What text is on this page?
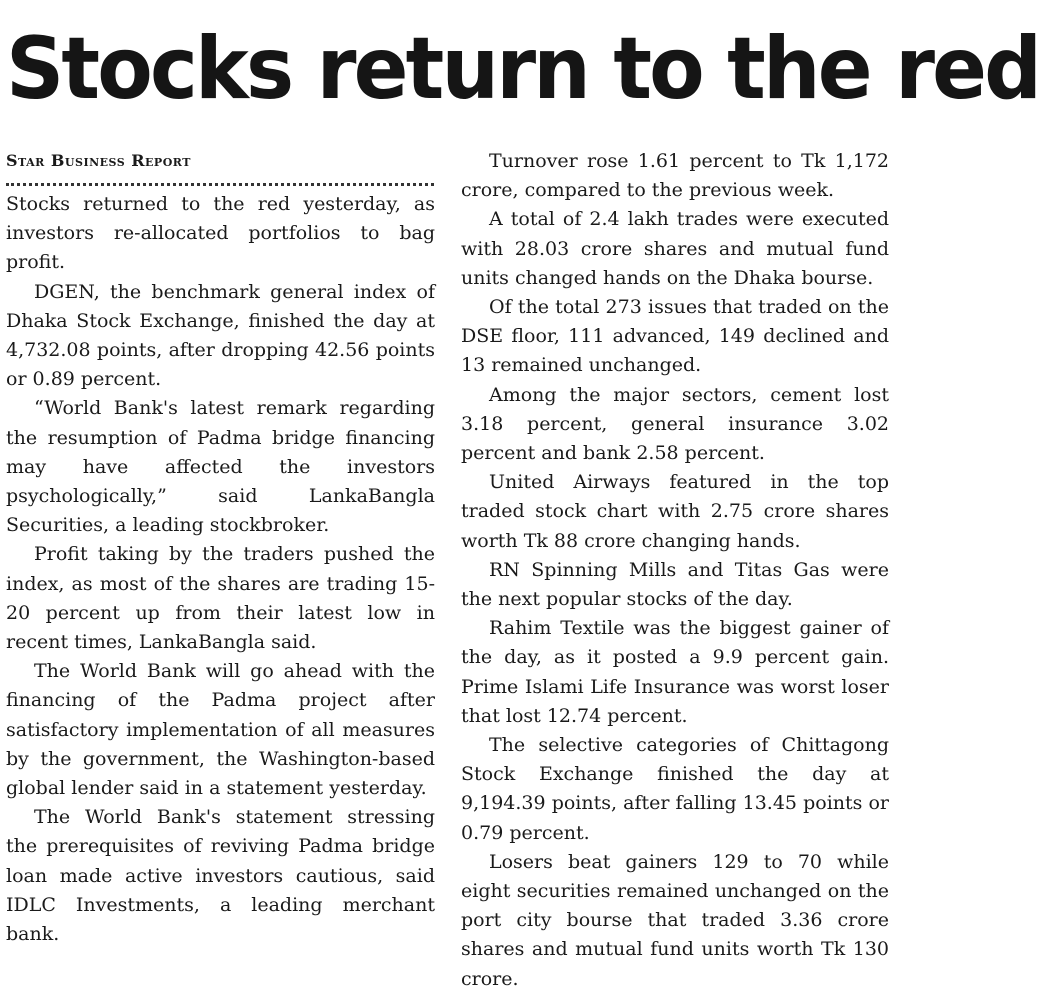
Stocks return to the red
Star Business Report

Stocks returned to the red yesterday, as investors re-allocated portfolios to bag profit.

DGEN, the benchmark general index of Dhaka Stock Exchange, finished the day at 4,732.08 points, after dropping 42.56 points or 0.89 percent.

“World Bank's latest remark regarding the resumption of Padma bridge financing may have affected the investors psychologically,” said LankaBangla Securities, a leading stockbroker.

Profit taking by the traders pushed the index, as most of the shares are trading 15-20 percent up from their latest low in recent times, LankaBangla said.

The World Bank will go ahead with the financing of the Padma project after satisfactory implementation of all measures by the government, the Washington-based global lender said in a statement yesterday.

The World Bank's statement stressing the prerequisites of reviving Padma bridge loan made active investors cautious, said IDLC Investments, a leading merchant bank.

Turnover rose 1.61 percent to Tk 1,172 crore, compared to the previous week.

A total of 2.4 lakh trades were executed with 28.03 crore shares and mutual fund units changed hands on the Dhaka bourse.

Of the total 273 issues that traded on the DSE floor, 111 advanced, 149 declined and 13 remained unchanged.

Among the major sectors, cement lost 3.18 percent, general insurance 3.02 percent and bank 2.58 percent.

United Airways featured in the top traded stock chart with 2.75 crore shares worth Tk 88 crore changing hands.

RN Spinning Mills and Titas Gas were the next popular stocks of the day.

Rahim Textile was the biggest gainer of the day, as it posted a 9.9 percent gain. Prime Islami Life Insurance was worst loser that lost 12.74 percent.

The selective categories of Chittagong Stock Exchange finished the day at 9,194.39 points, after falling 13.45 points or 0.79 percent.

Losers beat gainers 129 to 70 while eight securities remained unchanged on the port city bourse that traded 3.36 crore shares and mutual fund units worth Tk 130 crore.
